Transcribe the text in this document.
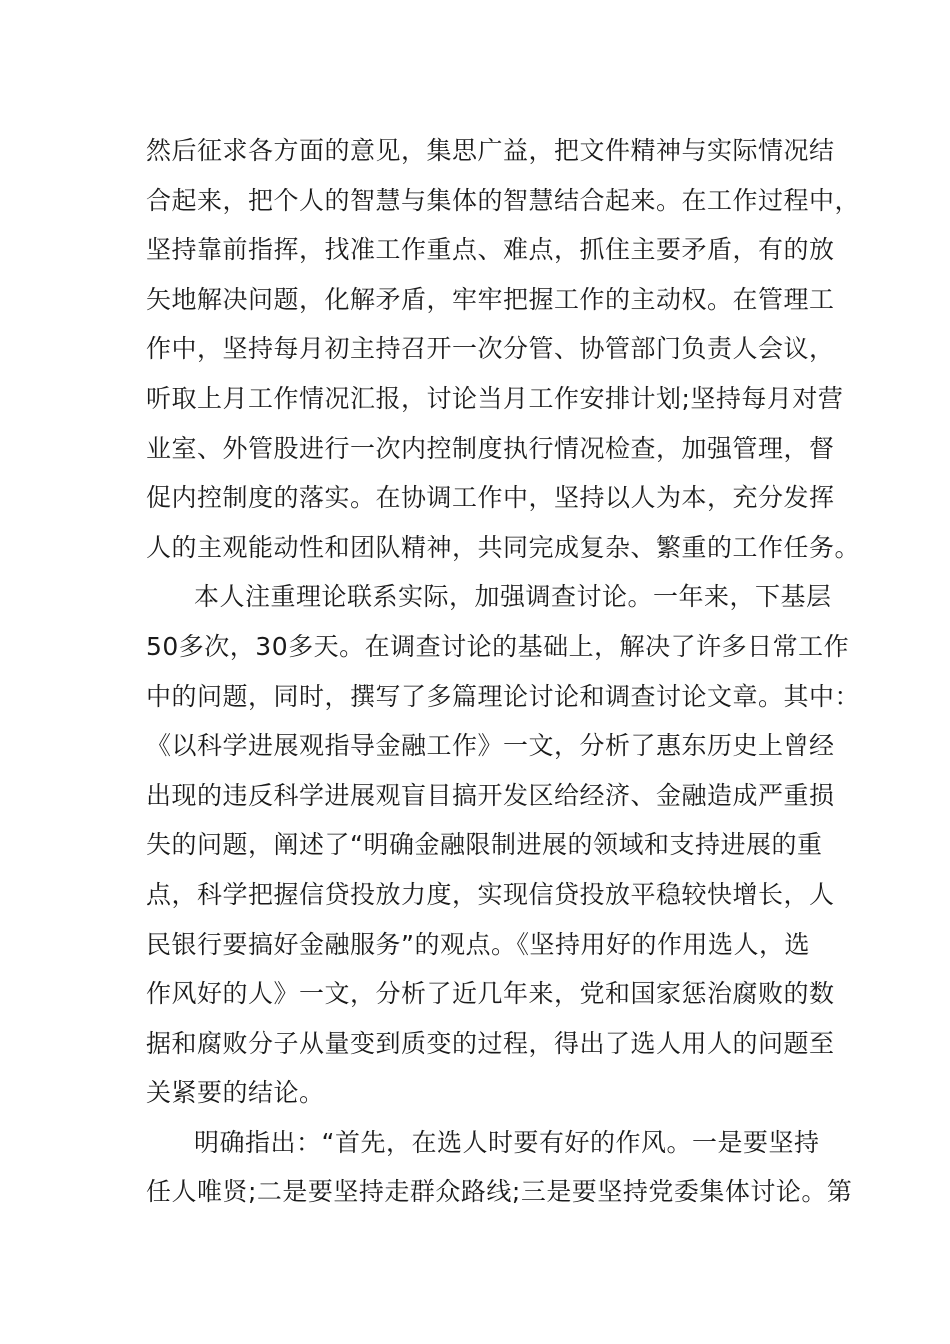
然后征求各方面的意见，集思广益，把文件精神与实际情况结
合起来，把个人的智慧与集体的智慧结合起来。在工作过程中，
坚持靠前指挥，找准工作重点、难点，抓住主要矛盾，有的放
矢地解决问题，化解矛盾，牢牢把握工作的主动权。在管理工
作中，坚持每月初主持召开一次分管、协管部门负责人会议，
听取上月工作情况汇报，讨论当月工作安排计划;坚持每月对营
业室、外管股进行一次内控制度执行情况检查，加强管理，督
促内控制度的落实。在协调工作中，坚持以人为本，充分发挥
人的主观能动性和团队精神，共同完成复杂、繁重的工作任务。
本人注重理论联系实际，加强调查讨论。一年来，下基层
50多次，30多天。在调查讨论的基础上，解决了许多日常工作
中的问题，同时，撰写了多篇理论讨论和调查讨论文章。其中：
《以科学进展观指导金融工作》一文，分析了惠东历史上曾经
出现的违反科学进展观盲目搞开发区给经济、金融造成严重损
失的问题，阐述了“明确金融限制进展的领域和支持进展的重
点，科学把握信贷投放力度，实现信贷投放平稳较快增长，人
民银行要搞好金融服务”的观点。《坚持用好的作用选人，选
作风好的人》一文，分析了近几年来，党和国家惩治腐败的数
据和腐败分子从量变到质变的过程，得出了选人用人的问题至
关紧要的结论。
明确指出：“首先，在选人时要有好的作风。一是要坚持
任人唯贤;二是要坚持走群众路线;三是要坚持党委集体讨论。第
